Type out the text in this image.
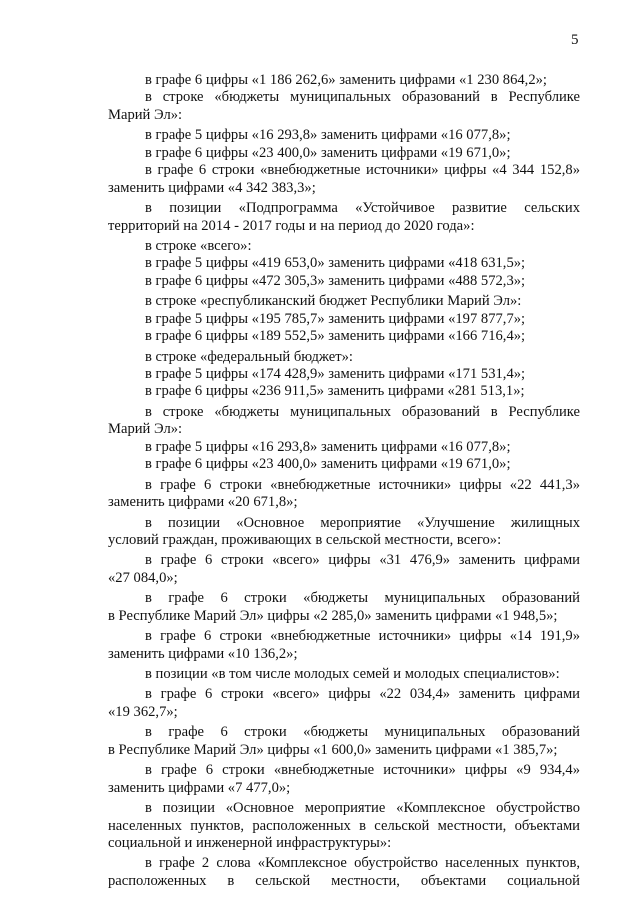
5
в графе 6 цифры «1 186 262,6» заменить цифрами «1 230 864,2»;
в строке «бюджеты муниципальных образований в Республике
Марий Эл»:
в графе 5 цифры «16 293,8» заменить цифрами «16 077,8»;
в графе 6 цифры «23 400,0» заменить цифрами «19 671,0»;
в графе 6 строки «внебюджетные источники» цифры «4 344 152,8»
заменить цифрами «4 342 383,3»;
в позиции «Подпрограмма «Устойчивое развитие сельских
территорий на 2014 - 2017 годы и на период до 2020 года»:
в строке «всего»:
в графе 5 цифры «419 653,0» заменить цифрами «418 631,5»;
в графе 6 цифры «472 305,3» заменить цифрами «488 572,3»;
в строке «республиканский бюджет Республики Марий Эл»:
в графе 5 цифры «195 785,7» заменить цифрами «197 877,7»;
в графе 6 цифры «189 552,5» заменить цифрами «166 716,4»;
в строке «федеральный бюджет»:
в графе 5 цифры «174 428,9» заменить цифрами «171 531,4»;
в графе 6 цифры «236 911,5» заменить цифрами «281 513,1»;
в строке «бюджеты муниципальных образований в Республике
Марий Эл»:
в графе 5 цифры «16 293,8» заменить цифрами «16 077,8»;
в графе 6 цифры «23 400,0» заменить цифрами «19 671,0»;
в графе 6 строки «внебюджетные источники» цифры «22 441,3»
заменить цифрами «20 671,8»;
в позиции «Основное мероприятие «Улучшение жилищных
условий граждан, проживающих в сельской местности, всего»:
в графе 6 строки «всего» цифры «31 476,9» заменить цифрами
«27 084,0»;
в графе 6 строки «бюджеты муниципальных образований
в Республике Марий Эл» цифры «2 285,0» заменить цифрами «1 948,5»;
в графе 6 строки «внебюджетные источники» цифры «14 191,9»
заменить цифрами «10 136,2»;
в позиции «в том числе молодых семей и молодых специалистов»:
в графе 6 строки «всего» цифры «22 034,4» заменить цифрами
«19 362,7»;
в графе 6 строки «бюджеты муниципальных образований
в Республике Марий Эл» цифры «1 600,0» заменить цифрами «1 385,7»;
в графе 6 строки «внебюджетные источники» цифры «9 934,4»
заменить цифрами «7 477,0»;
в позиции «Основное мероприятие «Комплексное обустройство
населенных пунктов, расположенных в сельской местности, объектами
социальной и инженерной инфраструктуры»:
в графе 2 слова «Комплексное обустройство населенных пунктов,
расположенных в сельской местности, объектами социальной
